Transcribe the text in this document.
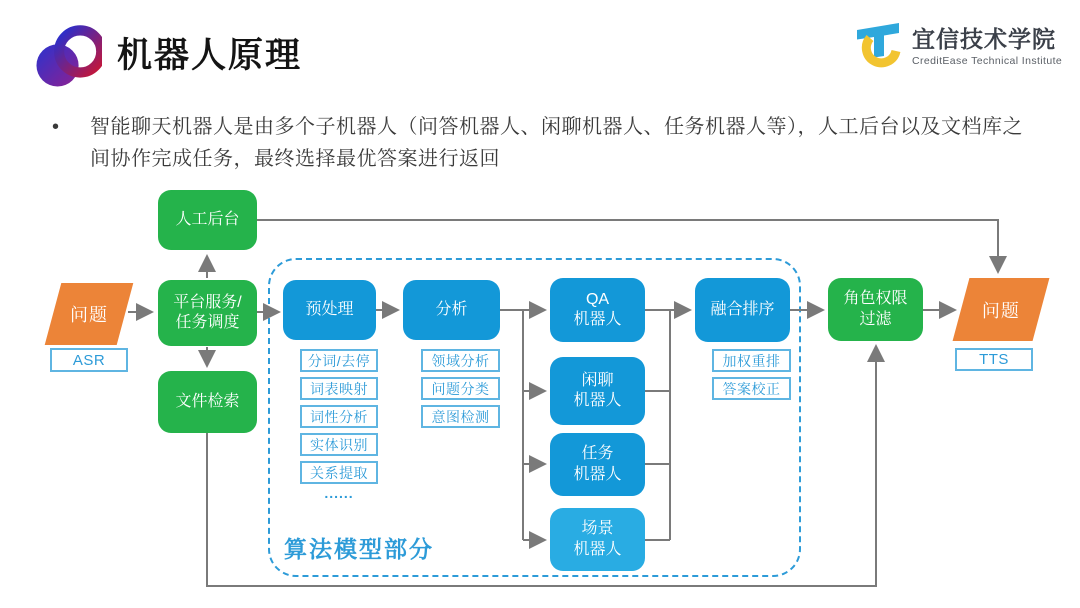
机器人原理	宜信技术学院
CreditEase Technical Institute
•	智能聊天机器人是由多个子机器人（问答机器人、闲聊机器人、任务机器人等），人工后台以及文档库之间协作完成任务，最终选择最优答案进行返回

算法模型部分
问题
ASR
人工后台
平台服务/
任务调度
文件检索
预处理
分词/去停
词表映射
词性分析
实体识别
关系提取
......
分析
领域分析
问题分类
意图检测
QA
机器人
闲聊
机器人
任务
机器人
场景
机器人
融合排序
加权重排
答案校正
角色权限
过滤	问题
TTS
